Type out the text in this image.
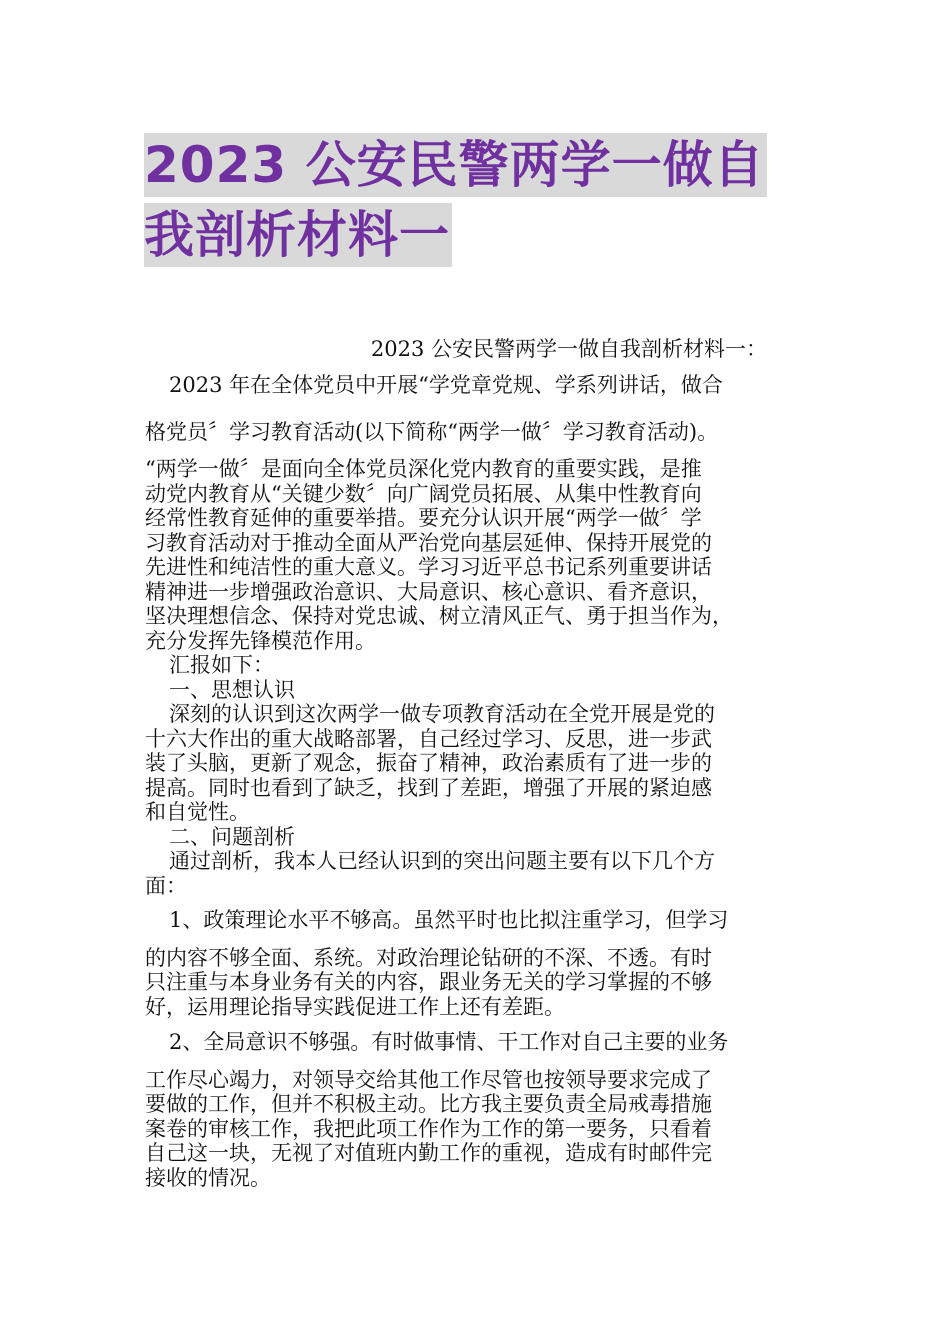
2023 公安民警两学一做自
我剖析材料一

2023 公安民警两学一做自我剖析材料一：

2023 年在全体党员中开展“学党章党规、学系列讲话，做合

格党员〞学习教育活动(以下简称“两学一做〞学习教育活动)。

“两学一做〞是面向全体党员深化党内教育的重要实践，是推
动党内教育从“关键少数〞向广阔党员拓展、从集中性教育向
经常性教育延伸的重要举措。要充分认识开展“两学一做〞学
习教育活动对于推动全面从严治党向基层延伸、保持开展党的
先进性和纯洁性的重大意义。学习习近平总书记系列重要讲话
精神进一步增强政治意识、大局意识、核心意识、看齐意识，
坚决理想信念、保持对党忠诚、树立清风正气、勇于担当作为，
充分发挥先锋模范作用。

汇报如下：

一、思想认识

深刻的认识到这次两学一做专项教育活动在全党开展是党的
十六大作出的重大战略部署，自己经过学习、反思，进一步武
装了头脑，更新了观念，振奋了精神，政治素质有了进一步的
提高。同时也看到了缺乏，找到了差距，增强了开展的紧迫感
和自觉性。

二、问题剖析

通过剖析，我本人已经认识到的突出问题主要有以下几个方
面：

1、政策理论水平不够高。虽然平时也比拟注重学习，但学习

的内容不够全面、系统。对政治理论钻研的不深、不透。有时
只注重与本身业务有关的内容，跟业务无关的学习掌握的不够
好，运用理论指导实践促进工作上还有差距。

2、全局意识不够强。有时做事情、干工作对自己主要的业务

工作尽心竭力，对领导交给其他工作尽管也按领导要求完成了
要做的工作，但并不积极主动。比方我主要负责全局戒毒措施
案卷的审核工作，我把此项工作作为工作的第一要务，只看着
自己这一块，无视了对值班内勤工作的重视，造成有时邮件完
接收的情况。
